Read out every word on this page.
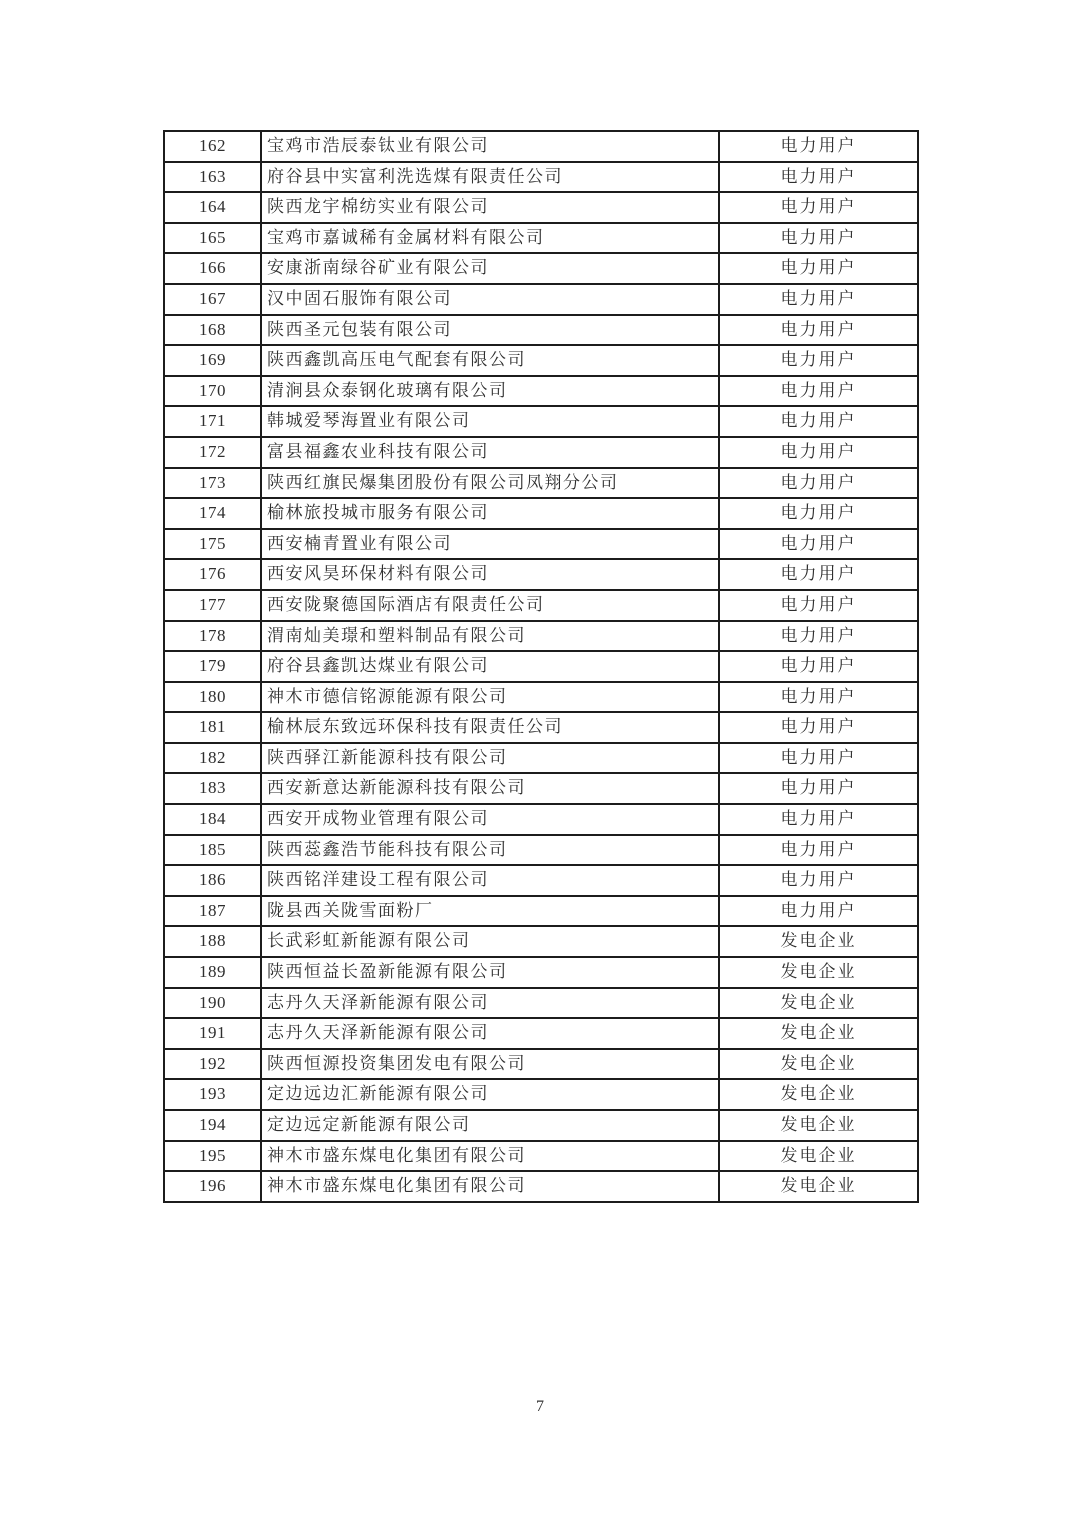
162	宝鸡市浩辰泰钛业有限公司	电力用户
163	府谷县中实富利洗选煤有限责任公司	电力用户
164	陕西龙宇棉纺实业有限公司	电力用户
165	宝鸡市嘉诚稀有金属材料有限公司	电力用户
166	安康浙南绿谷矿业有限公司	电力用户
167	汉中固石服饰有限公司	电力用户
168	陕西圣元包装有限公司	电力用户
169	陕西鑫凯高压电气配套有限公司	电力用户
170	清涧县众泰钢化玻璃有限公司	电力用户
171	韩城爱琴海置业有限公司	电力用户
172	富县福鑫农业科技有限公司	电力用户
173	陕西红旗民爆集团股份有限公司凤翔分公司	电力用户
174	榆林旅投城市服务有限公司	电力用户
175	西安楠青置业有限公司	电力用户
176	西安风昊环保材料有限公司	电力用户
177	西安陇聚德国际酒店有限责任公司	电力用户
178	渭南灿美璟和塑料制品有限公司	电力用户
179	府谷县鑫凯达煤业有限公司	电力用户
180	神木市德信铭源能源有限公司	电力用户
181	榆林辰东致远环保科技有限责任公司	电力用户
182	陕西驿江新能源科技有限公司	电力用户
183	西安新意达新能源科技有限公司	电力用户
184	西安开成物业管理有限公司	电力用户
185	陕西蕊鑫浩节能科技有限公司	电力用户
186	陕西铭洋建设工程有限公司	电力用户
187	陇县西关陇雪面粉厂	电力用户
188	长武彩虹新能源有限公司	发电企业
189	陕西恒益长盈新能源有限公司	发电企业
190	志丹久天泽新能源有限公司	发电企业
191	志丹久天泽新能源有限公司	发电企业
192	陕西恒源投资集团发电有限公司	发电企业
193	定边远边汇新能源有限公司	发电企业
194	定边远定新能源有限公司	发电企业
195	神木市盛东煤电化集团有限公司	发电企业
196	神木市盛东煤电化集团有限公司	发电企业
7
